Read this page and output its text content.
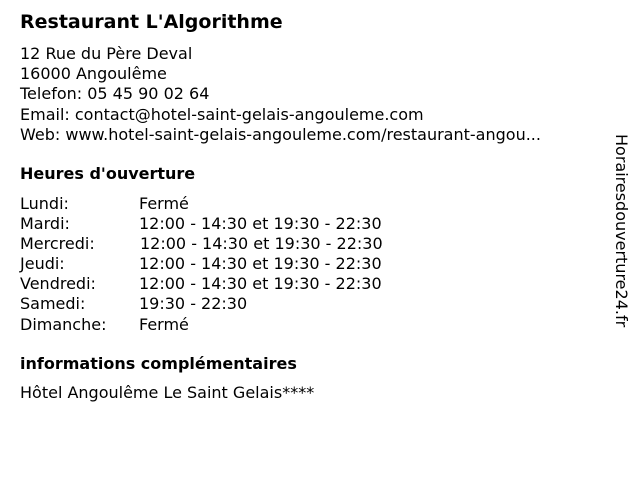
Restaurant L'Algorithme
12 Rue du Père Deval
16000 Angoulême
Telefon: 05 45 90 02 64
Email: contact@hotel-saint-gelais-angouleme.com
Web: www.hotel-saint-gelais-angouleme.com/restaurant-angou...
Heures d'ouverture
Lundi:	Fermé
Mardi:	12:00 - 14:30 et 19:30 - 22:30
Mercredi:	12:00 - 14:30 et 19:30 - 22:30
Jeudi:	12:00 - 14:30 et 19:30 - 22:30
Vendredi:	12:00 - 14:30 et 19:30 - 22:30
Samedi:	19:30 - 22:30
Dimanche: Fermé
informations complémentaires
Hôtel Angoulême Le Saint Gelais****
Horairesdouverture24.fr
